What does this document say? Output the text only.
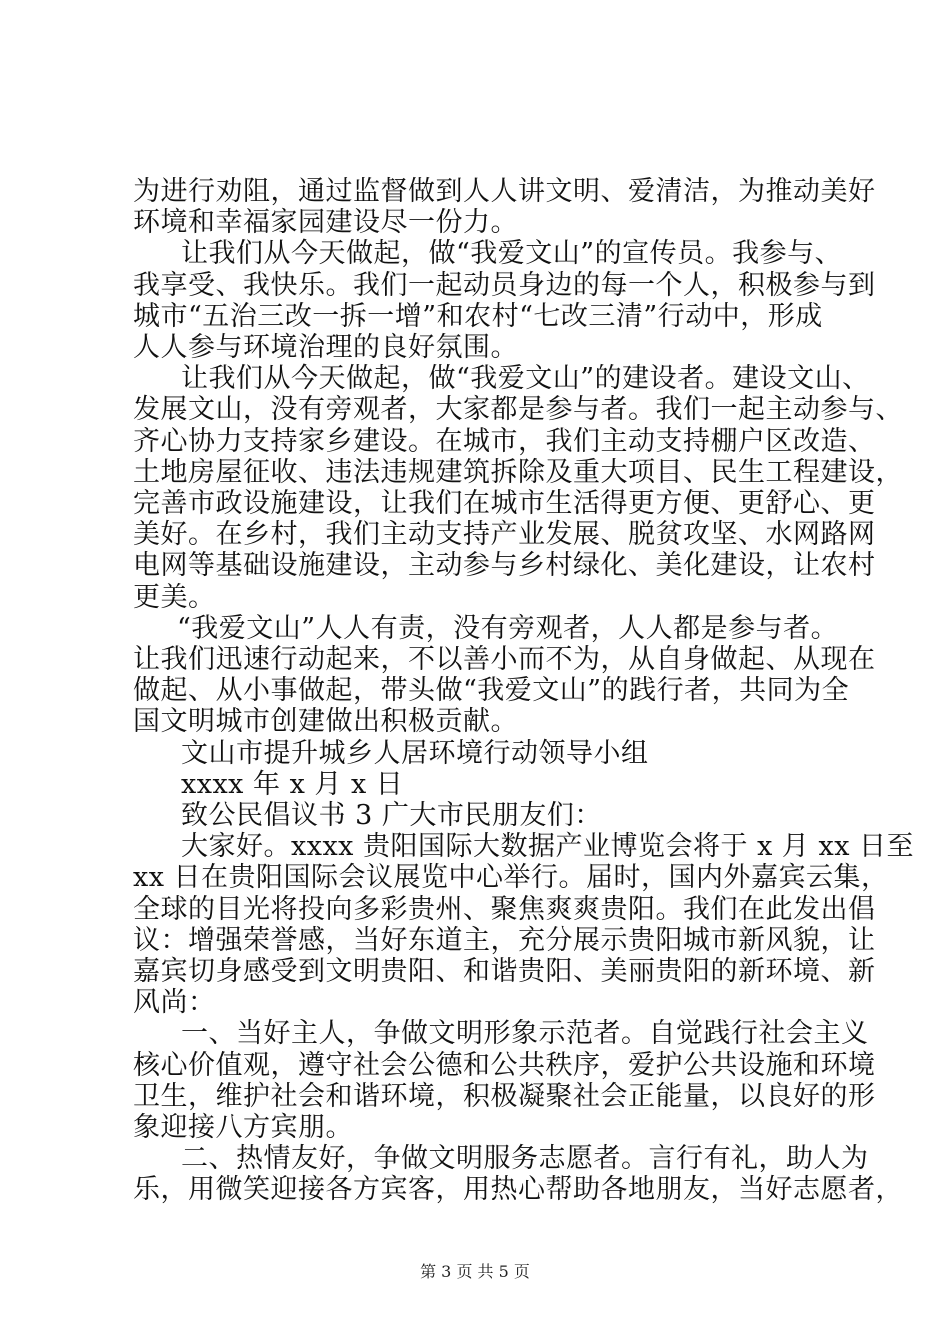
为进行劝阻，通过监督做到人人讲文明、爱清洁，为推动美好
环境和幸福家园建设尽一份力。
让我们从今天做起，做“我爱文山”的宣传员。我参与、
我享受、我快乐。我们一起动员身边的每一个人，积极参与到
城市“五治三改一拆一增”和农村“七改三清”行动中，形成
人人参与环境治理的良好氛围。
让我们从今天做起，做“我爱文山”的建设者。建设文山、
发展文山，没有旁观者，大家都是参与者。我们一起主动参与、
齐心协力支持家乡建设。在城市，我们主动支持棚户区改造、
土地房屋征收、违法违规建筑拆除及重大项目、民生工程建设，
完善市政设施建设，让我们在城市生活得更方便、更舒心、更
美好。在乡村，我们主动支持产业发展、脱贫攻坚、水网路网
电网等基础设施建设，主动参与乡村绿化、美化建设，让农村
更美。
“我爱文山”人人有责，没有旁观者，人人都是参与者。
让我们迅速行动起来，不以善小而不为，从自身做起、从现在
做起、从小事做起，带头做“我爱文山”的践行者，共同为全
国文明城市创建做出积极贡献。
文山市提升城乡人居环境行动领导小组
xxxx 年 x 月 x 日
致公民倡议书 3 广大市民朋友们：
大家好。xxxx 贵阳国际大数据产业博览会将于 x 月 xx 日至
xx 日在贵阳国际会议展览中心举行。届时，国内外嘉宾云集，
全球的目光将投向多彩贵州、聚焦爽爽贵阳。我们在此发出倡
议：增强荣誉感，当好东道主，充分展示贵阳城市新风貌，让
嘉宾切身感受到文明贵阳、和谐贵阳、美丽贵阳的新环境、新
风尚：
一、当好主人，争做文明形象示范者。自觉践行社会主义
核心价值观，遵守社会公德和公共秩序，爱护公共设施和环境
卫生，维护社会和谐环境，积极凝聚社会正能量，以良好的形
第 3 页 共 5 页
象迎接八方宾朋。
二、热情友好，争做文明服务志愿者。言行有礼，助人为
乐，用微笑迎接各方宾客，用热心帮助各地朋友，当好志愿者，
